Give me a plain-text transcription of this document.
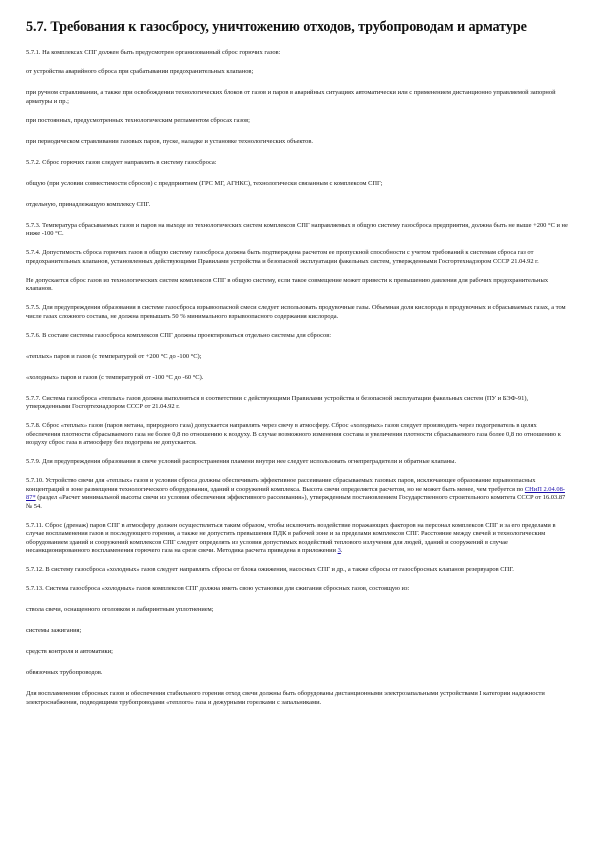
5.7. Требования к газосбросу, уничтожению отходов, трубопроводам и арматуре

5.7.1. На комплексах СПГ должен быть предусмотрен организованный сброс горючих газов:

от устройства аварийного сброса при срабатывании предохранительных клапанов;

при ручном стравливании, а также при освобождении технологических блоков от газов и паров в аварийных ситуациях автоматически или с применением дистанционно управляемой запорной арматуры и пр.;

при постоянных, предусмотренных технологическим регламентом сбросах газов;

при периодическом стравливании газовых паров, пуске, наладке и установке технологических объектов.

5.7.2. Сброс горючих газов следует направлять в систему газосброса:

общую (при условии совместимости сбросов) с предприятием (ГРС МГ, АГНКС), технологически связанным с комплексом СПГ;

отдельную, принадлежащую комплексу СПГ.

5.7.3. Температура сбрасываемых газов и паров на выходе из технологических систем комплексов СПГ направляемых в общую систему газосброса предприятия, должна быть не выше +200 °С и не ниже -100 °С.

5.7.4. Допустимость сброса горючих газов в общую систему газосброса должна быть подтверждена расчетом ее пропускной способности с учетом требований к системам сброса газ от предохранительных клапанов, установленных действующими Правилами устройства и безопасной эксплуатации факельных систем, утвержденными Госгортехнадзором СССР 21.04.92 г.

Не допускается сброс газов из технологических систем комплексов СПГ в общую систему, если такое совмещение может привести к превышению давления для рабочих предохранительных клапанов.

5.7.5. Для предупреждения образования в системе газосброса взрывоопасной смеси следует использовать продувочные газы. Объемная доля кислорода в продувочных и сбрасываемых газах, а том числе газах сложного состава, не должна превышать 50 % минимального взрывоопасного содержания кислорода.

5.7.6. В составе системы газосброса комплексов СПГ должны проектироваться отдельно системы для сбросов:

«теплых» паров и газов (с температурой от +200 °С до -100 °С);

«холодных» паров и газов (с температурой от -100 °С до -60 °С).

5.7.7. Система газосброса «теплых» газов должна выполняться в соответствии с действующими Правилами устройства и безопасной эксплуатации факельных систем (ПУ и БЭФ-91), утвержденными Госгортехнадзором СССР от 21.04.92 г.

5.7.8. Сброс «теплых» газов (паров метана, природного газа) допускается направлять через свечу в атмосферу. Сброс «холодных» газов следует производить через подогреватель в целях обеспечения плотности сбрасываемого газа не более 0,8 по отношению к воздуху. В случае возможного изменения состава и увеличения плотности сбрасываемого газа более 0,8 по отношению к воздуху сброс газа в атмосферу без подогрева не допускается.

5.7.9. Для предупреждения образования в свече условий распространения пламени внутри нее следует использовать огнепреградители и обратные клапаны.

5.7.10. Устройство свечи для «теплых» газов и условия сброса должны обеспечивать эффективное рассеивание сбрасываемых газовых паров, исключающее образование взрывоопасных концентраций в зоне размещения технологического оборудования, зданий и сооружений комплекса. Высота свечи определяется расчетом, но не может быть менее, чем требуется по СНиП 2.04.08-87* (раздел «Расчет минимальной высоты свечи из условия обеспечения эффективного рассеивания»), утвержденным постановлением Государственного строительного комитета СССР от 16.03.87 № 54.

5.7.11. Сброс (дренаж) паров СПГ в атмосферу должен осуществляться таким образом, чтобы исключить воздействие поражающих факторов на персонал комплексов СПГ и за его пределами в случае воспламенения газов и последующего горения, а также не допустить превышения ПДК в рабочей зоне и за пределами комплексов СПГ. Расстояние между свечей и технологическим оборудованием зданий и сооружений комплексов СПГ следует определять из условия допустимых воздействий теплового излучения для людей, зданий и сооружений в случае несанкционированного воспламенения горючего газа на срезе свечи. Методика расчета приведена в приложении 3.

5.7.12. В систему газосброса «холодных» газов следует направлять сбросы от блока ожижения, насосных СПГ и др., а также сбросы от газосбросных клапанов резервуаров СПГ.

5.7.13. Система газосброса «холодных» газов комплексов СПГ должна иметь свою установки для сжигания сбросных газов, состоящую из:

ствола свечи, оснащенного оголовком и лабиринтным уплотнением;

системы зажигания;

средств контроля и автоматики;

обвязочных трубопроводов.

Для воспламенения сбросных газов и обеспечения стабильного горения отход свечи должны быть оборудованы дистанционными электрозапальными устройствами I категории надежности электроснабжения, подводящими трубопроводами «теплого» газа и дежурными горелками с запальниками.
